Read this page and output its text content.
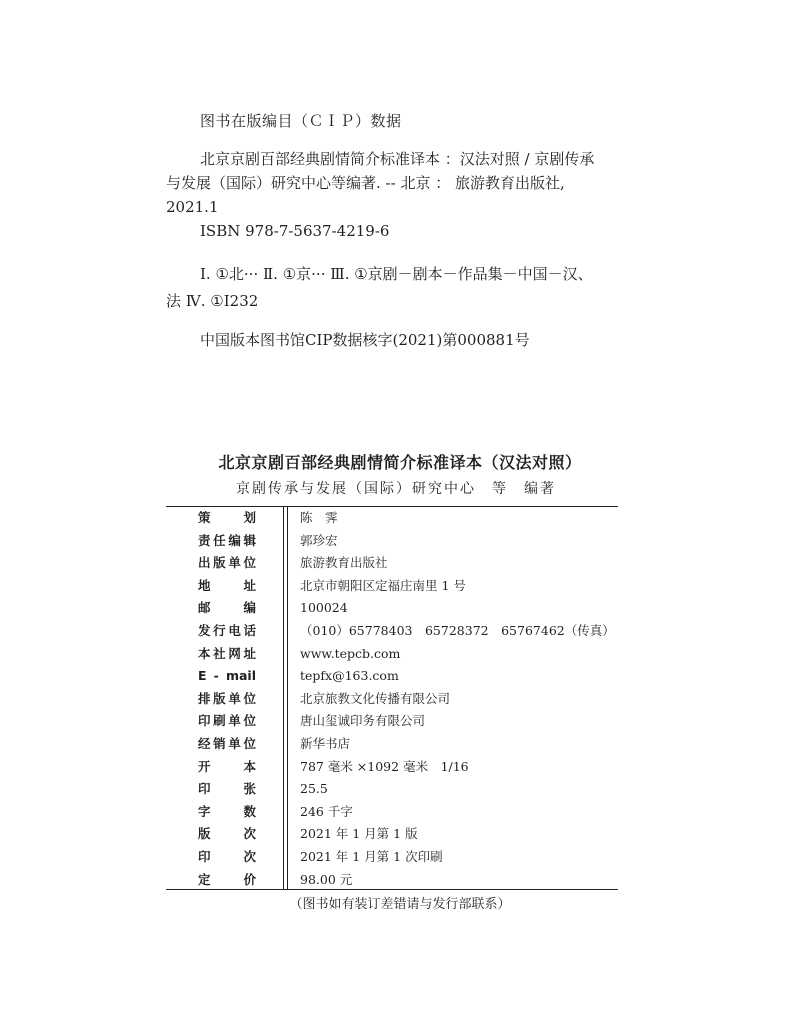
图书在版编目（ＣＩＰ）数据
北京京剧百部经典剧情简介标准译本 ：汉法对照 / 京剧传承与发展（国际）研究中心等编著. -- 北京 ： 旅游教育出版社, 2021.1
ISBN 978-7-5637-4219-6
Ⅰ. ①北··· Ⅱ. ①京··· Ⅲ. ①京剧－剧本－作品集－中国－汉、法 Ⅳ. ①I232
中国版本图书馆CIP数据核字(2021)第000881号
北京京剧百部经典剧情简介标准译本（汉法对照）
京剧传承与发展（国际）研究中心　等　编著
策　划	陈　霁
责任编辑	郭珍宏
出版单位	旅游教育出版社
地　址	北京市朝阳区定福庄南里 1 号
邮　编	100024
发行电话	（010）65778403　65728372　65767462（传真）
本社网址	www.tepcb.com
E - mail	tepfx@163.com
排版单位	北京旅教文化传播有限公司
印刷单位	唐山玺诚印务有限公司
经销单位	新华书店
开　本	787 毫米 ×1092 毫米　1/16
印　张	25.5
字　数	246 千字
版　次	2021 年 1 月第 1 版
印　次	2021 年 1 月第 1 次印刷
定　价	98.00 元
（图书如有装订差错请与发行部联系）
